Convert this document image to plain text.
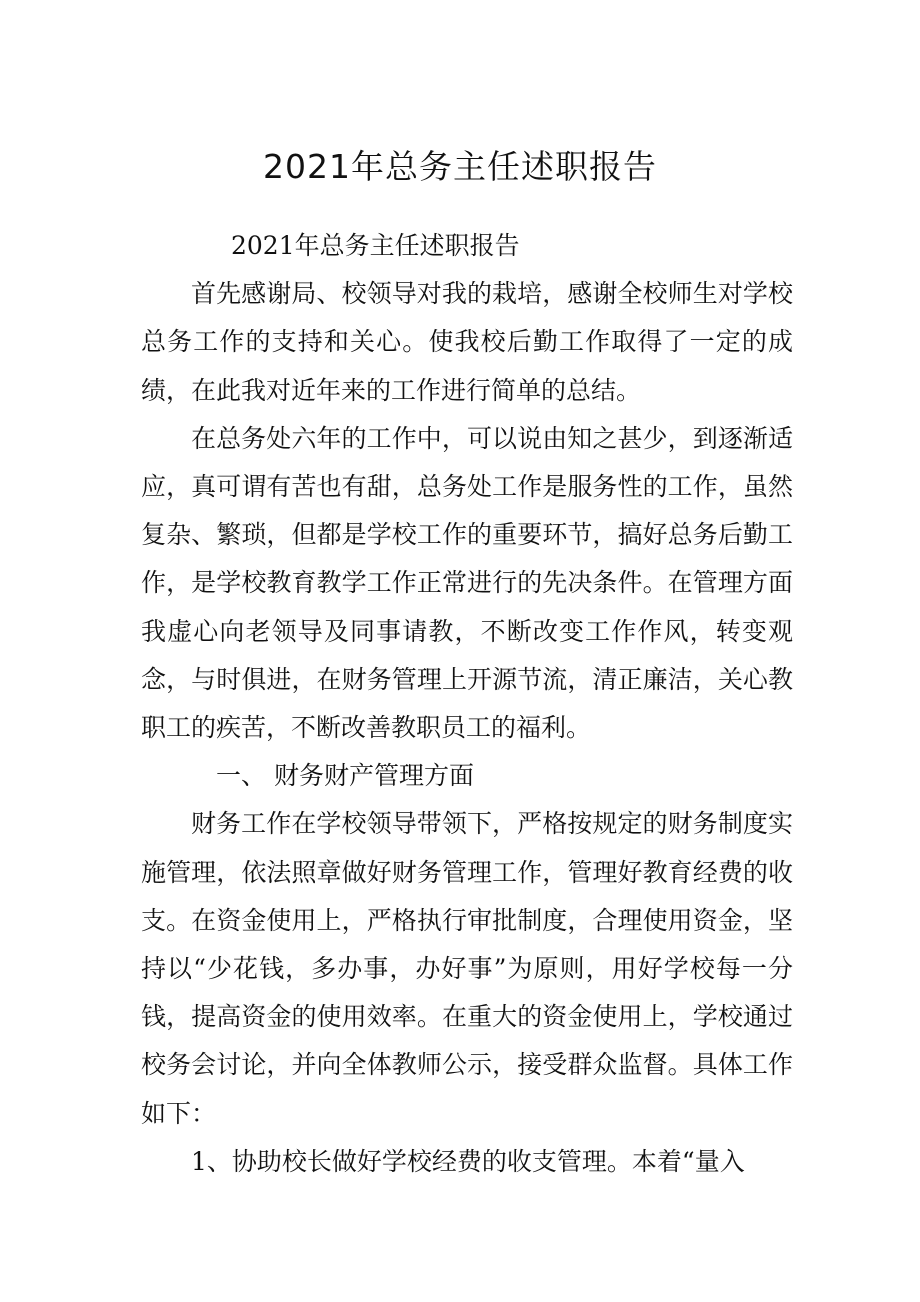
2021年总务主任述职报告

2021年总务主任述职报告

首先感谢局、校领导对我的栽培，感谢全校师生对学校总务工作的支持和关心。使我校后勤工作取得了一定的成绩，在此我对近年来的工作进行简单的总结。

在总务处六年的工作中，可以说由知之甚少，到逐渐适应，真可谓有苦也有甜，总务处工作是服务性的工作，虽然复杂、繁琐，但都是学校工作的重要环节，搞好总务后勤工作，是学校教育教学工作正常进行的先决条件。在管理方面我虚心向老领导及同事请教，不断改变工作作风，转变观念，与时俱进，在财务管理上开源节流，清正廉洁，关心教职工的疾苦，不断改善教职员工的福利。

一、 财务财产管理方面

财务工作在学校领导带领下，严格按规定的财务制度实施管理，依法照章做好财务管理工作，管理好教育经费的收支。在资金使用上，严格执行审批制度，合理使用资金，坚持以“少花钱，多办事，办好事”为原则，用好学校每一分钱，提高资金的使用效率。在重大的资金使用上，学校通过校务会讨论，并向全体教师公示，接受群众监督。具体工作如下：

1、协助校长做好学校经费的收支管理。本着“量入
